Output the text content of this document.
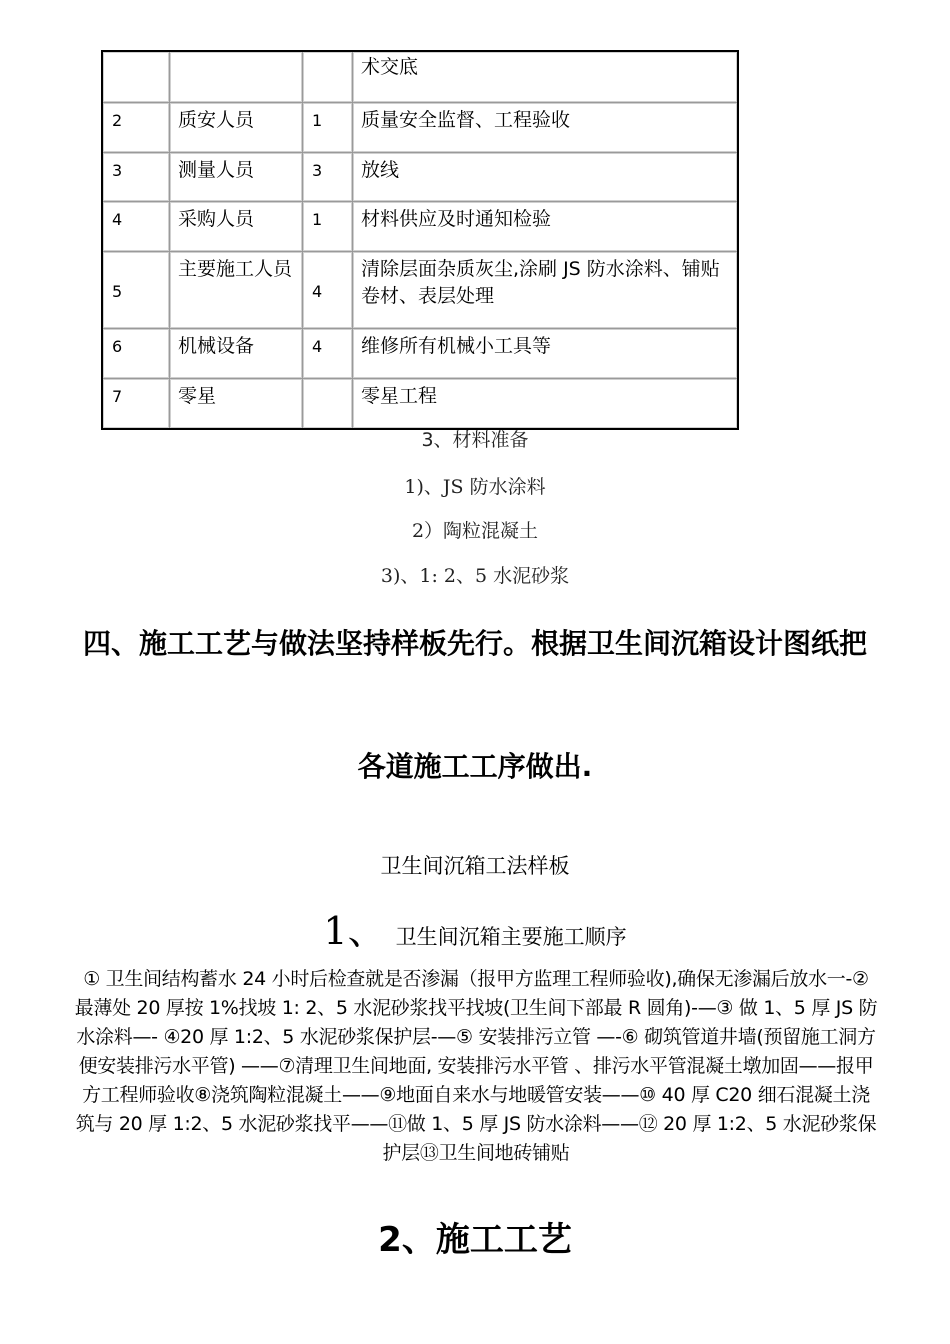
			术交底
2	质安人员	1	质量安全监督、工程验收
3	测量人员	3	放线
4	采购人员	1	材料供应及时通知检验
5	主要施工人员	4	清除层面杂质灰尘,涂刷 JS 防水涂料、铺贴卷材、表层处理
6	机械设备	4	维修所有机械小工具等
7	零星		零星工程
3、材料准备
1)、JS 防水涂料
2）陶粒混凝土
3)、1: 2、5 水泥砂浆
四、施工工艺与做法坚持样板先行。根据卫生间沉箱设计图纸把
各道施工工序做出.
卫生间沉箱工法样板
1、 卫生间沉箱主要施工顺序
① 卫生间结构蓄水 24 小时后检查就是否渗漏（报甲方监理工程师验收),确保无渗漏后放水一-② 最薄处 20 厚按 1%找坡 1: 2、5 水泥砂浆找平找坡(卫生间下部最 R 圆角)-—③ 做 1、5 厚 JS 防水涂料—- ④20 厚 1:2、5 水泥砂浆保护层-—⑤ 安装排污立管 —-⑥ 砌筑管道井墙(预留施工洞方便安装排污水平管) ——⑦清理卫生间地面, 安装排污水平管 、排污水平管混凝土墩加固——报甲方工程师验收⑧浇筑陶粒混凝土——⑨地面自来水与地暖管安装——⑩ 40 厚 C20 细石混凝土浇筑与 20 厚 1:2、5 水泥砂浆找平——⑪做 1、5 厚 JS 防水涂料——⑫ 20 厚 1:2、5 水泥砂浆保护层⑬卫生间地砖铺贴
2、施工工艺
